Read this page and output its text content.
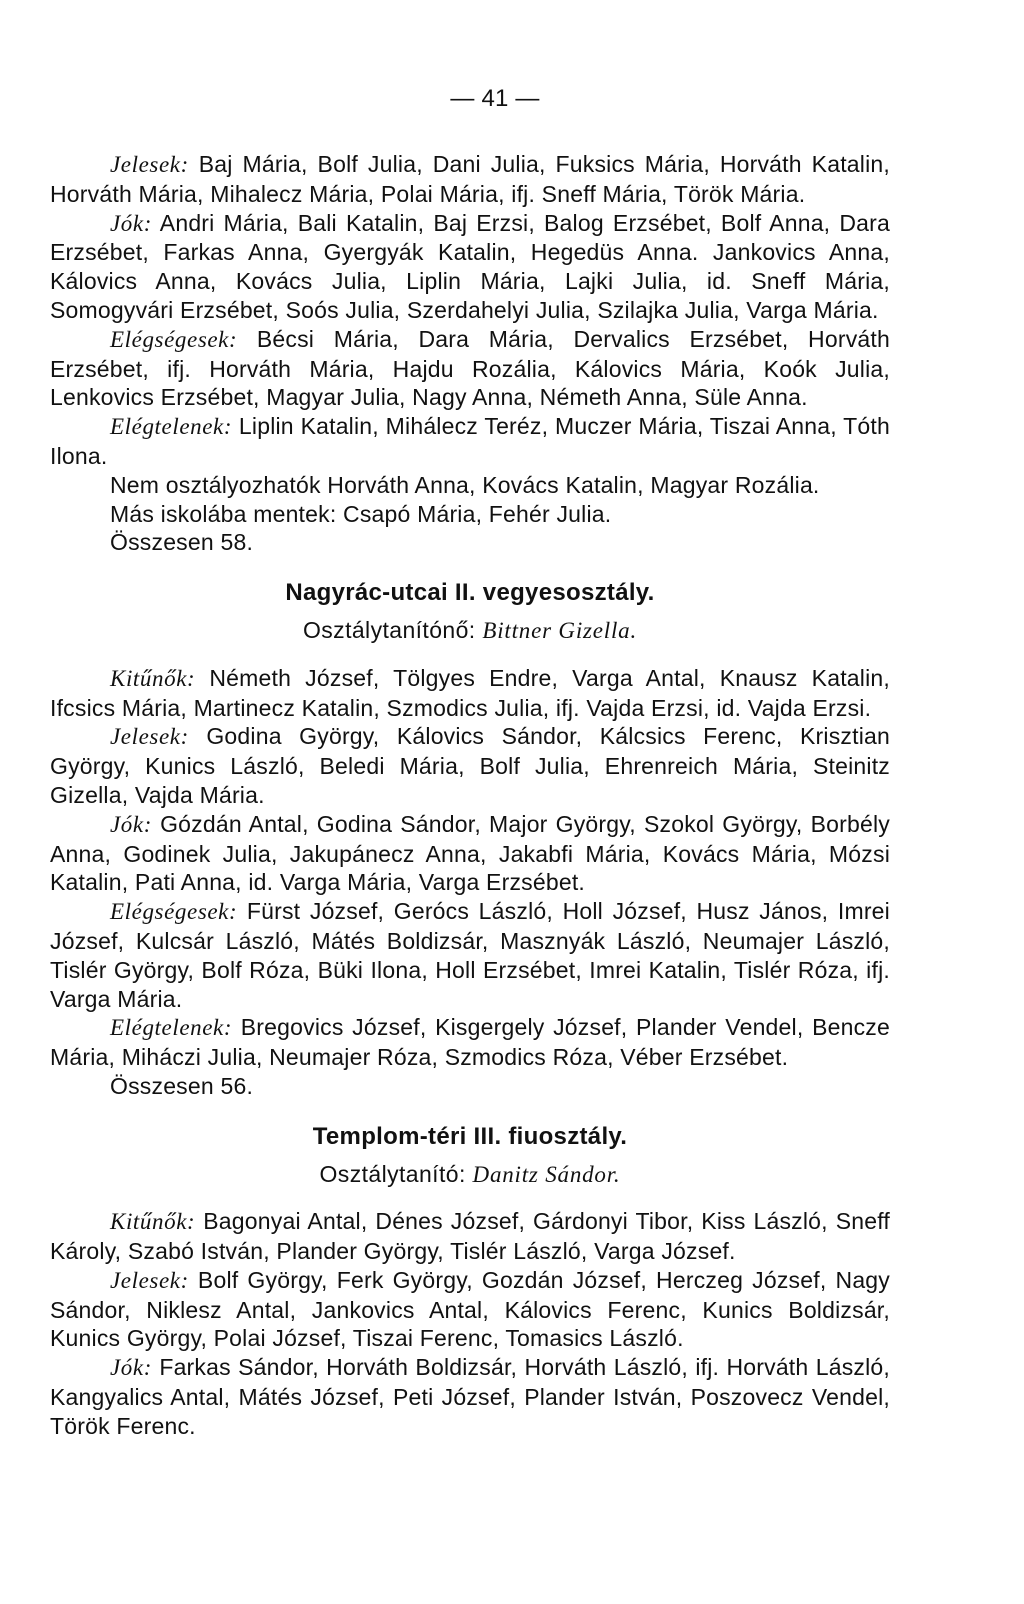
— 41 —

Jelesek: Baj Mária, Bolf Julia, Dani Julia, Fuksics Mária, Horváth Katalin, Horváth Mária, Mihalecz Mária, Polai Mária, ifj. Sneff Mária, Török Mária.

Jók: Andri Mária, Bali Katalin, Baj Erzsi, Balog Erzsébet, Bolf Anna, Dara Erzsébet, Farkas Anna, Gyergyák Katalin, Hegedüs Anna. Jankovics Anna, Kálovics Anna, Kovács Julia, Liplin Mária, Lajki Julia, id. Sneff Mária, Somogyvári Erzsébet, Soós Julia, Szerdahelyi Julia, Szilajka Julia, Varga Mária.

Elégségesek: Bécsi Mária, Dara Mária, Dervalics Erzsébet, Horváth Erzsébet, ifj. Horváth Mária, Hajdu Rozália, Kálovics Mária, Koók Julia, Lenkovics Erzsébet, Magyar Julia, Nagy Anna, Németh Anna, Süle Anna.

Elégtelenek: Liplin Katalin, Mihálecz Teréz, Muczer Mária, Tiszai Anna, Tóth Ilona.

Nem osztályozhatók Horváth Anna, Kovács Katalin, Magyar Rozália.

Más iskolába mentek: Csapó Mária, Fehér Julia.

Összesen 58.

Nagyrác-utcai II. vegyesosztály.
Osztálytanítónő: Bittner Gizella.

Kitűnők: Németh József, Tölgyes Endre, Varga Antal, Knausz Katalin, Ifcsics Mária, Martinecz Katalin, Szmodics Julia, ifj. Vajda Erzsi, id. Vajda Erzsi.

Jelesek: Godina György, Kálovics Sándor, Kálcsics Ferenc, Krisztian György, Kunics László, Beledi Mária, Bolf Julia, Ehrenreich Mária, Steinitz Gizella, Vajda Mária.

Jók: Gózdán Antal, Godina Sándor, Major György, Szokol György, Borbély Anna, Godinek Julia, Jakupánecz Anna, Jakabfi Mária, Kovács Mária, Mózsi Katalin, Pati Anna, id. Varga Mária, Varga Erzsébet.

Elégségesek: Fürst József, Gerócs László, Holl József, Husz János, Imrei József, Kulcsár László, Mátés Boldizsár, Masznyák László, Neumajer László, Tislér György, Bolf Róza, Büki Ilona, Holl Erzsébet, Imrei Katalin, Tislér Róza, ifj. Varga Mária.

Elégtelenek: Bregovics József, Kisgergely József, Plander Vendel, Bencze Mária, Miháczi Julia, Neumajer Róza, Szmodics Róza, Véber Erzsébet.

Összesen 56.

Templom-téri III. fiuosztály.
Osztálytanító: Danitz Sándor.

Kitűnők: Bagonyai Antal, Dénes József, Gárdonyi Tibor, Kiss László, Sneff Károly, Szabó István, Plander György, Tislér László, Varga József.

Jelesek: Bolf György, Ferk György, Gozdán József, Herczeg József, Nagy Sándor, Niklesz Antal, Jankovics Antal, Kálovics Ferenc, Kunics Boldizsár, Kunics György, Polai József, Tiszai Ferenc, Tomasics László.

Jók: Farkas Sándor, Horváth Boldizsár, Horváth László, ifj. Horváth László, Kangyalics Antal, Mátés József, Peti József, Plander István, Poszovecz Vendel, Török Ferenc.
